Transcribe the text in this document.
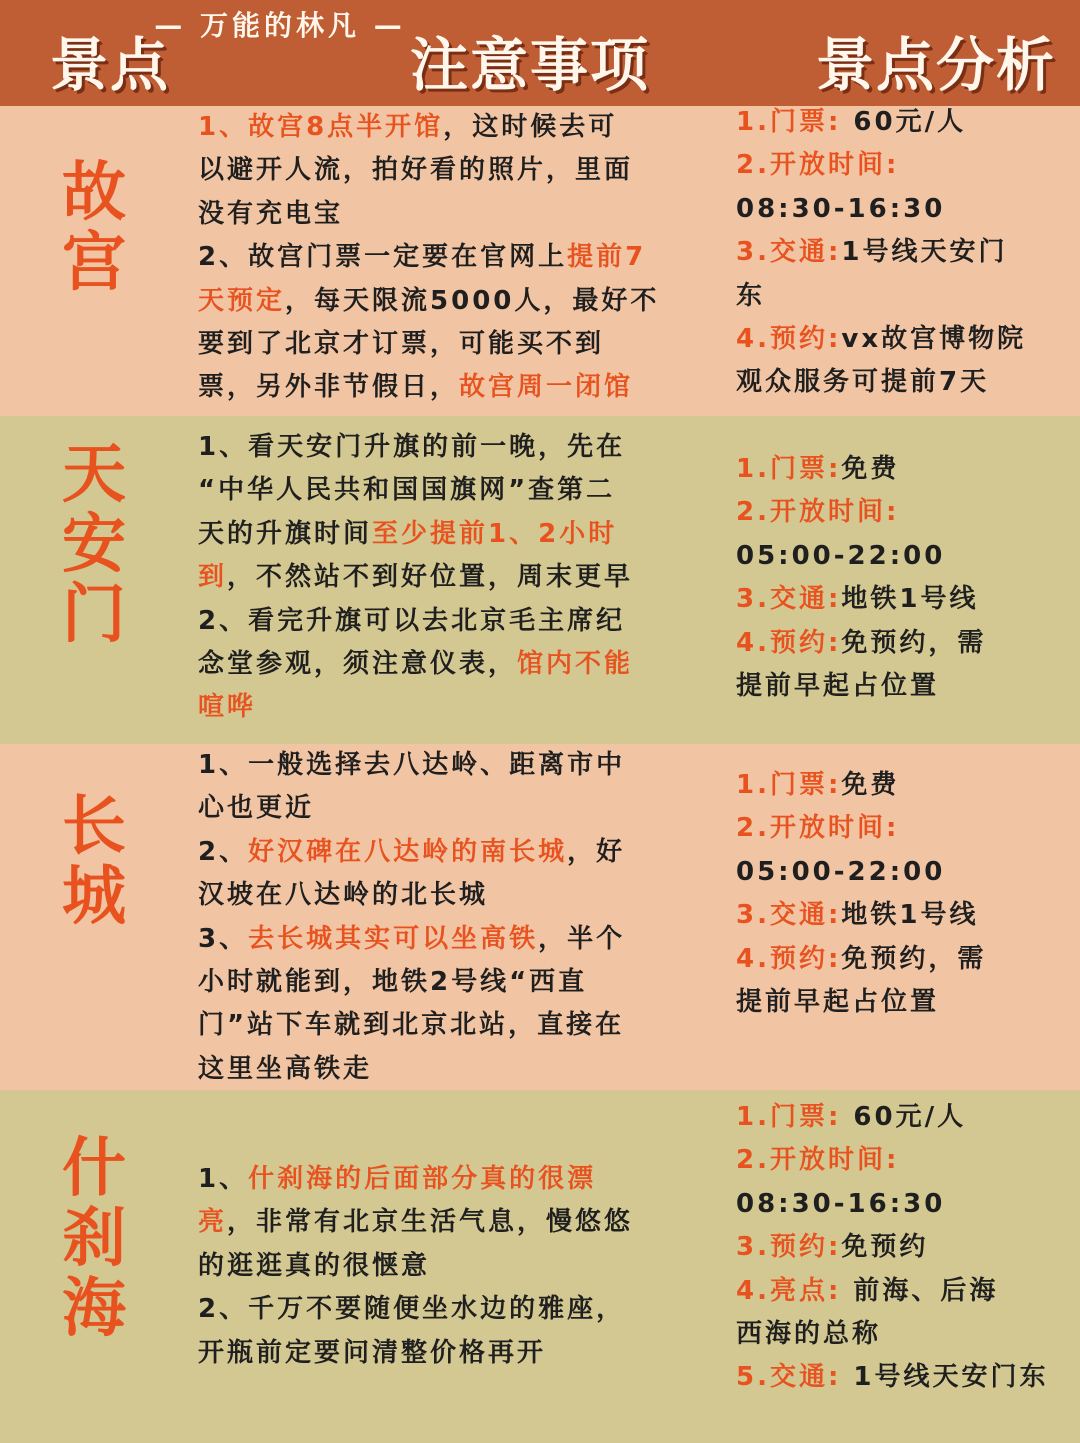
— 万能的林凡 —
景点	注意事项	景点分析
故宫
1、故宫8点半开馆，这时候去可
以避开人流，拍好看的照片，里面
没有充电宝
2、故宫门票一定要在官网上提前7
天预定，每天限流5000人，最好不
要到了北京才订票，可能买不到
票，另外非节假日，故宫周一闭馆
1.门票: 60元/人
2.开放时间:
08:30-16:30
3.交通:1号线天安门
东
4.预约:vx故宫博物院
观众服务可提前7天
天安门
1、看天安门升旗的前一晚，先在
“中华人民共和国国旗网”查第二
天的升旗时间至少提前1、2小时
到，不然站不到好位置，周末更早
2、看完升旗可以去北京毛主席纪
念堂参观，须注意仪表，馆内不能
喧哗
1.门票:免费
2.开放时间:
05:00-22:00
3.交通:地铁1号线
4.预约:免预约，需
提前早起占位置
长城
1、一般选择去八达岭、距离市中
心也更近
2、好汉碑在八达岭的南长城，好
汉坡在八达岭的北长城
3、去长城其实可以坐高铁，半个
小时就能到，地铁2号线“西直
门”站下车就到北京北站，直接在
这里坐高铁走
1.门票:免费
2.开放时间:
05:00-22:00
3.交通:地铁1号线
4.预约:免预约，需
提前早起占位置
什刹海
1、什刹海的后面部分真的很漂
亮，非常有北京生活气息，慢悠悠
的逛逛真的很惬意
2、千万不要随便坐水边的雅座，
开瓶前定要问清整价格再开
1.门票: 60元/人
2.开放时间:
08:30-16:30
3.预约:免预约
4.亮点: 前海、后海
西海的总称
5.交通: 1号线天安门东
